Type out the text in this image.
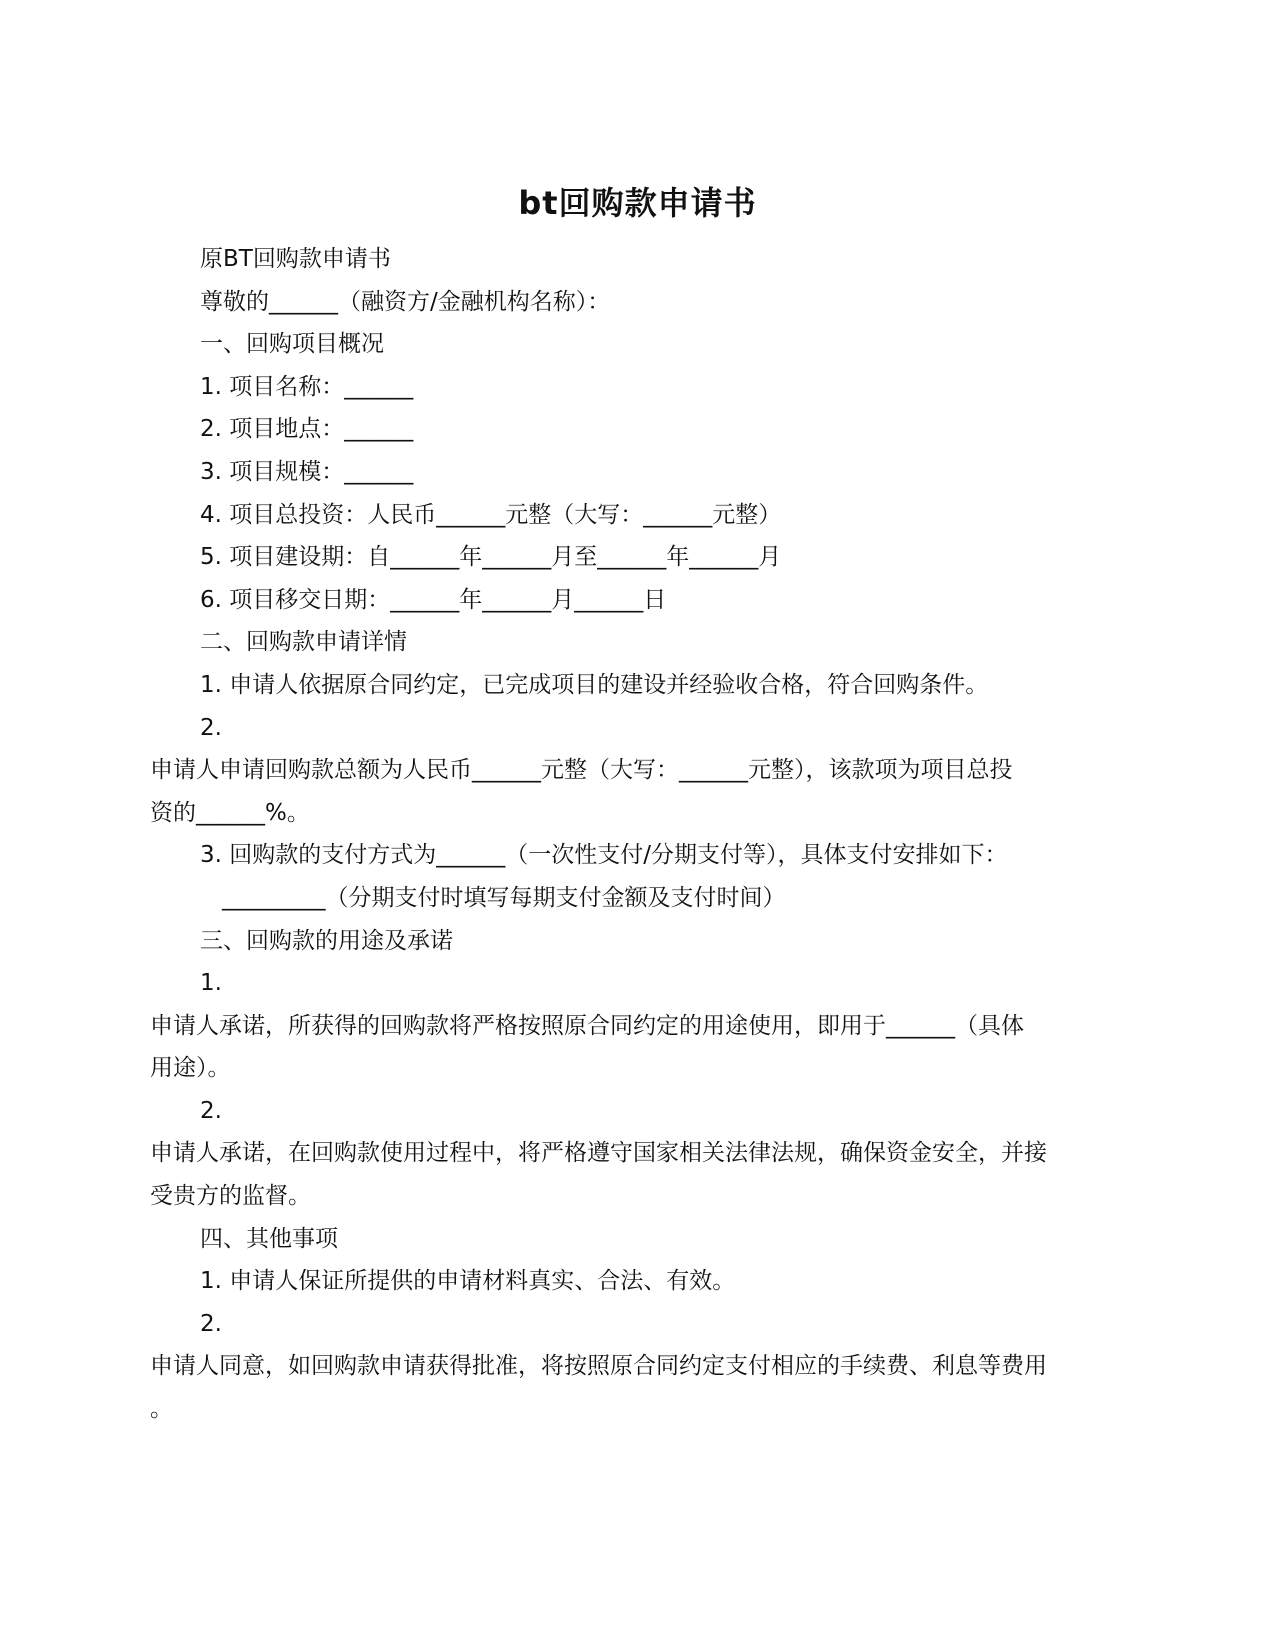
bt回购款申请书
原BT回购款申请书
尊敬的______（融资方/金融机构名称）：
一、回购项目概况
1. 项目名称：______
2. 项目地点：______
3. 项目规模：______
4. 项目总投资：人民币______元整（大写：______元整）
5. 项目建设期：自______年______月至______年______月
6. 项目移交日期：______年______月______日
二、回购款申请详情
1. 申请人依据原合同约定，已完成项目的建设并经验收合格，符合回购条件。
2.
申请人申请回购款总额为人民币______元整（大写：______元整），该款项为项目总投
资的______%。
3. 回购款的支付方式为______（一次性支付/分期支付等），具体支付安排如下：
_________（分期支付时填写每期支付金额及支付时间）
三、回购款的用途及承诺
1.
申请人承诺，所获得的回购款将严格按照原合同约定的用途使用，即用于______（具体
用途）。
2.
申请人承诺，在回购款使用过程中，将严格遵守国家相关法律法规，确保资金安全，并接
受贵方的监督。
四、其他事项
1. 申请人保证所提供的申请材料真实、合法、有效。
2.
申请人同意，如回购款申请获得批准，将按照原合同约定支付相应的手续费、利息等费用
。
